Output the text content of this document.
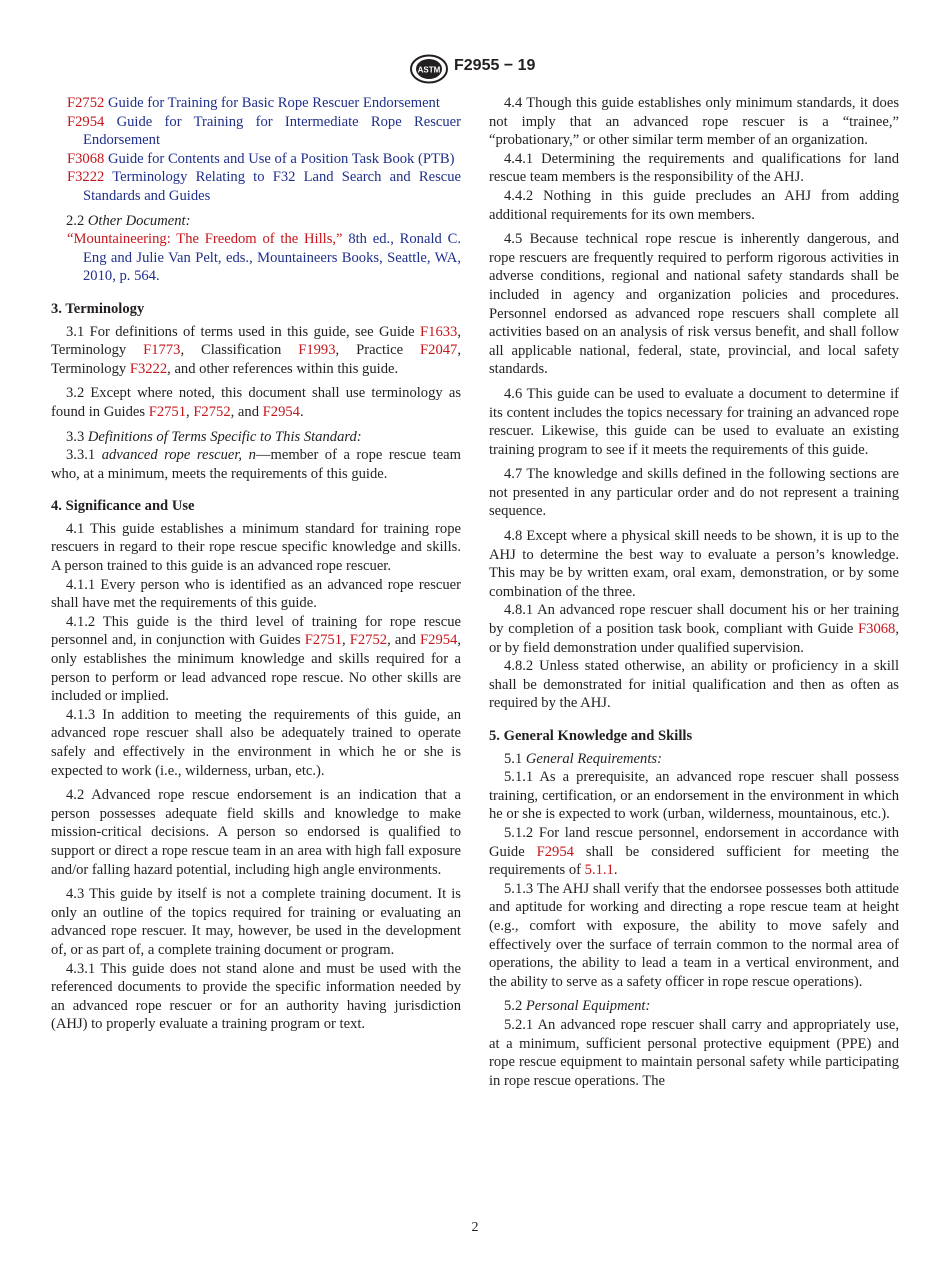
ASTM F2955 − 19

F2752 Guide for Training for Basic Rope Rescuer Endorsement

F2954 Guide for Training for Intermediate Rope Rescuer Endorsement

F3068 Guide for Contents and Use of a Position Task Book (PTB)

F3222 Terminology Relating to F32 Land Search and Rescue Standards and Guides

2.2 Other Document:

“Mountaineering: The Freedom of the Hills,” 8th ed., Ronald C. Eng and Julie Van Pelt, eds., Mountaineers Books, Seattle, WA, 2010, p. 564.

3. Terminology

3.1 For definitions of terms used in this guide, see Guide F1633, Terminology F1773, Classification F1993, Practice F2047, Terminology F3222, and other references within this guide.

3.2 Except where noted, this document shall use terminology as found in Guides F2751, F2752, and F2954.

3.3 Definitions of Terms Specific to This Standard:

3.3.1 advanced rope rescuer, n—member of a rope rescue team who, at a minimum, meets the requirements of this guide.

4. Significance and Use

4.1 This guide establishes a minimum standard for training rope rescuers in regard to their rope rescue specific knowledge and skills. A person trained to this guide is an advanced rope rescuer.

4.1.1 Every person who is identified as an advanced rope rescuer shall have met the requirements of this guide.

4.1.2 This guide is the third level of training for rope rescue personnel and, in conjunction with Guides F2751, F2752, and F2954, only establishes the minimum knowledge and skills required for a person to perform or lead advanced rope rescue. No other skills are included or implied.

4.1.3 In addition to meeting the requirements of this guide, an advanced rope rescuer shall also be adequately trained to operate safely and effectively in the environment in which he or she is expected to work (i.e., wilderness, urban, etc.).

4.2 Advanced rope rescue endorsement is an indication that a person possesses adequate field skills and knowledge to make mission-critical decisions. A person so endorsed is qualified to support or direct a rope rescue team in an area with high fall exposure and/or falling hazard potential, including high angle environments.

4.3 This guide by itself is not a complete training document. It is only an outline of the topics required for training or evaluating an advanced rope rescuer. It may, however, be used in the development of, or as part of, a complete training document or program.

4.3.1 This guide does not stand alone and must be used with the referenced documents to provide the specific information needed by an advanced rope rescuer or for an authority having jurisdiction (AHJ) to properly evaluate a training program or text.

4.4 Though this guide establishes only minimum standards, it does not imply that an advanced rope rescuer is a “trainee,” “probationary,” or other similar term member of an organization.

4.4.1 Determining the requirements and qualifications for land rescue team members is the responsibility of the AHJ.

4.4.2 Nothing in this guide precludes an AHJ from adding additional requirements for its own members.

4.5 Because technical rope rescue is inherently dangerous, and rope rescuers are frequently required to perform rigorous activities in adverse conditions, regional and national safety standards shall be included in agency and organization policies and procedures. Personnel endorsed as advanced rope rescuers shall complete all activities based on an analysis of risk versus benefit, and shall follow all applicable national, federal, state, provincial, and local safety standards.

4.6 This guide can be used to evaluate a document to determine if its content includes the topics necessary for training an advanced rope rescuer. Likewise, this guide can be used to evaluate an existing training program to see if it meets the requirements of this guide.

4.7 The knowledge and skills defined in the following sections are not presented in any particular order and do not represent a training sequence.

4.8 Except where a physical skill needs to be shown, it is up to the AHJ to determine the best way to evaluate a person’s knowledge. This may be by written exam, oral exam, demonstration, or by some combination of the three.

4.8.1 An advanced rope rescuer shall document his or her training by completion of a position task book, compliant with Guide F3068, or by field demonstration under qualified supervision.

4.8.2 Unless stated otherwise, an ability or proficiency in a skill shall be demonstrated for initial qualification and then as often as required by the AHJ.

5. General Knowledge and Skills

5.1 General Requirements:

5.1.1 As a prerequisite, an advanced rope rescuer shall possess training, certification, or an endorsement in the environment in which he or she is expected to work (urban, wilderness, mountainous, etc.).

5.1.2 For land rescue personnel, endorsement in accordance with Guide F2954 shall be considered sufficient for meeting the requirements of 5.1.1.

5.1.3 The AHJ shall verify that the endorsee possesses both attitude and aptitude for working and directing a rope rescue team at height (e.g., comfort with exposure, the ability to move safely and effectively over the surface of terrain common to the normal area of operations, the ability to lead a team in a vertical environment, and the ability to serve as a safety officer in rope rescue operations).

5.2 Personal Equipment:

5.2.1 An advanced rope rescuer shall carry and appropriately use, at a minimum, sufficient personal protective equipment (PPE) and rope rescue equipment to maintain personal safety while participating in rope rescue operations. The

2
